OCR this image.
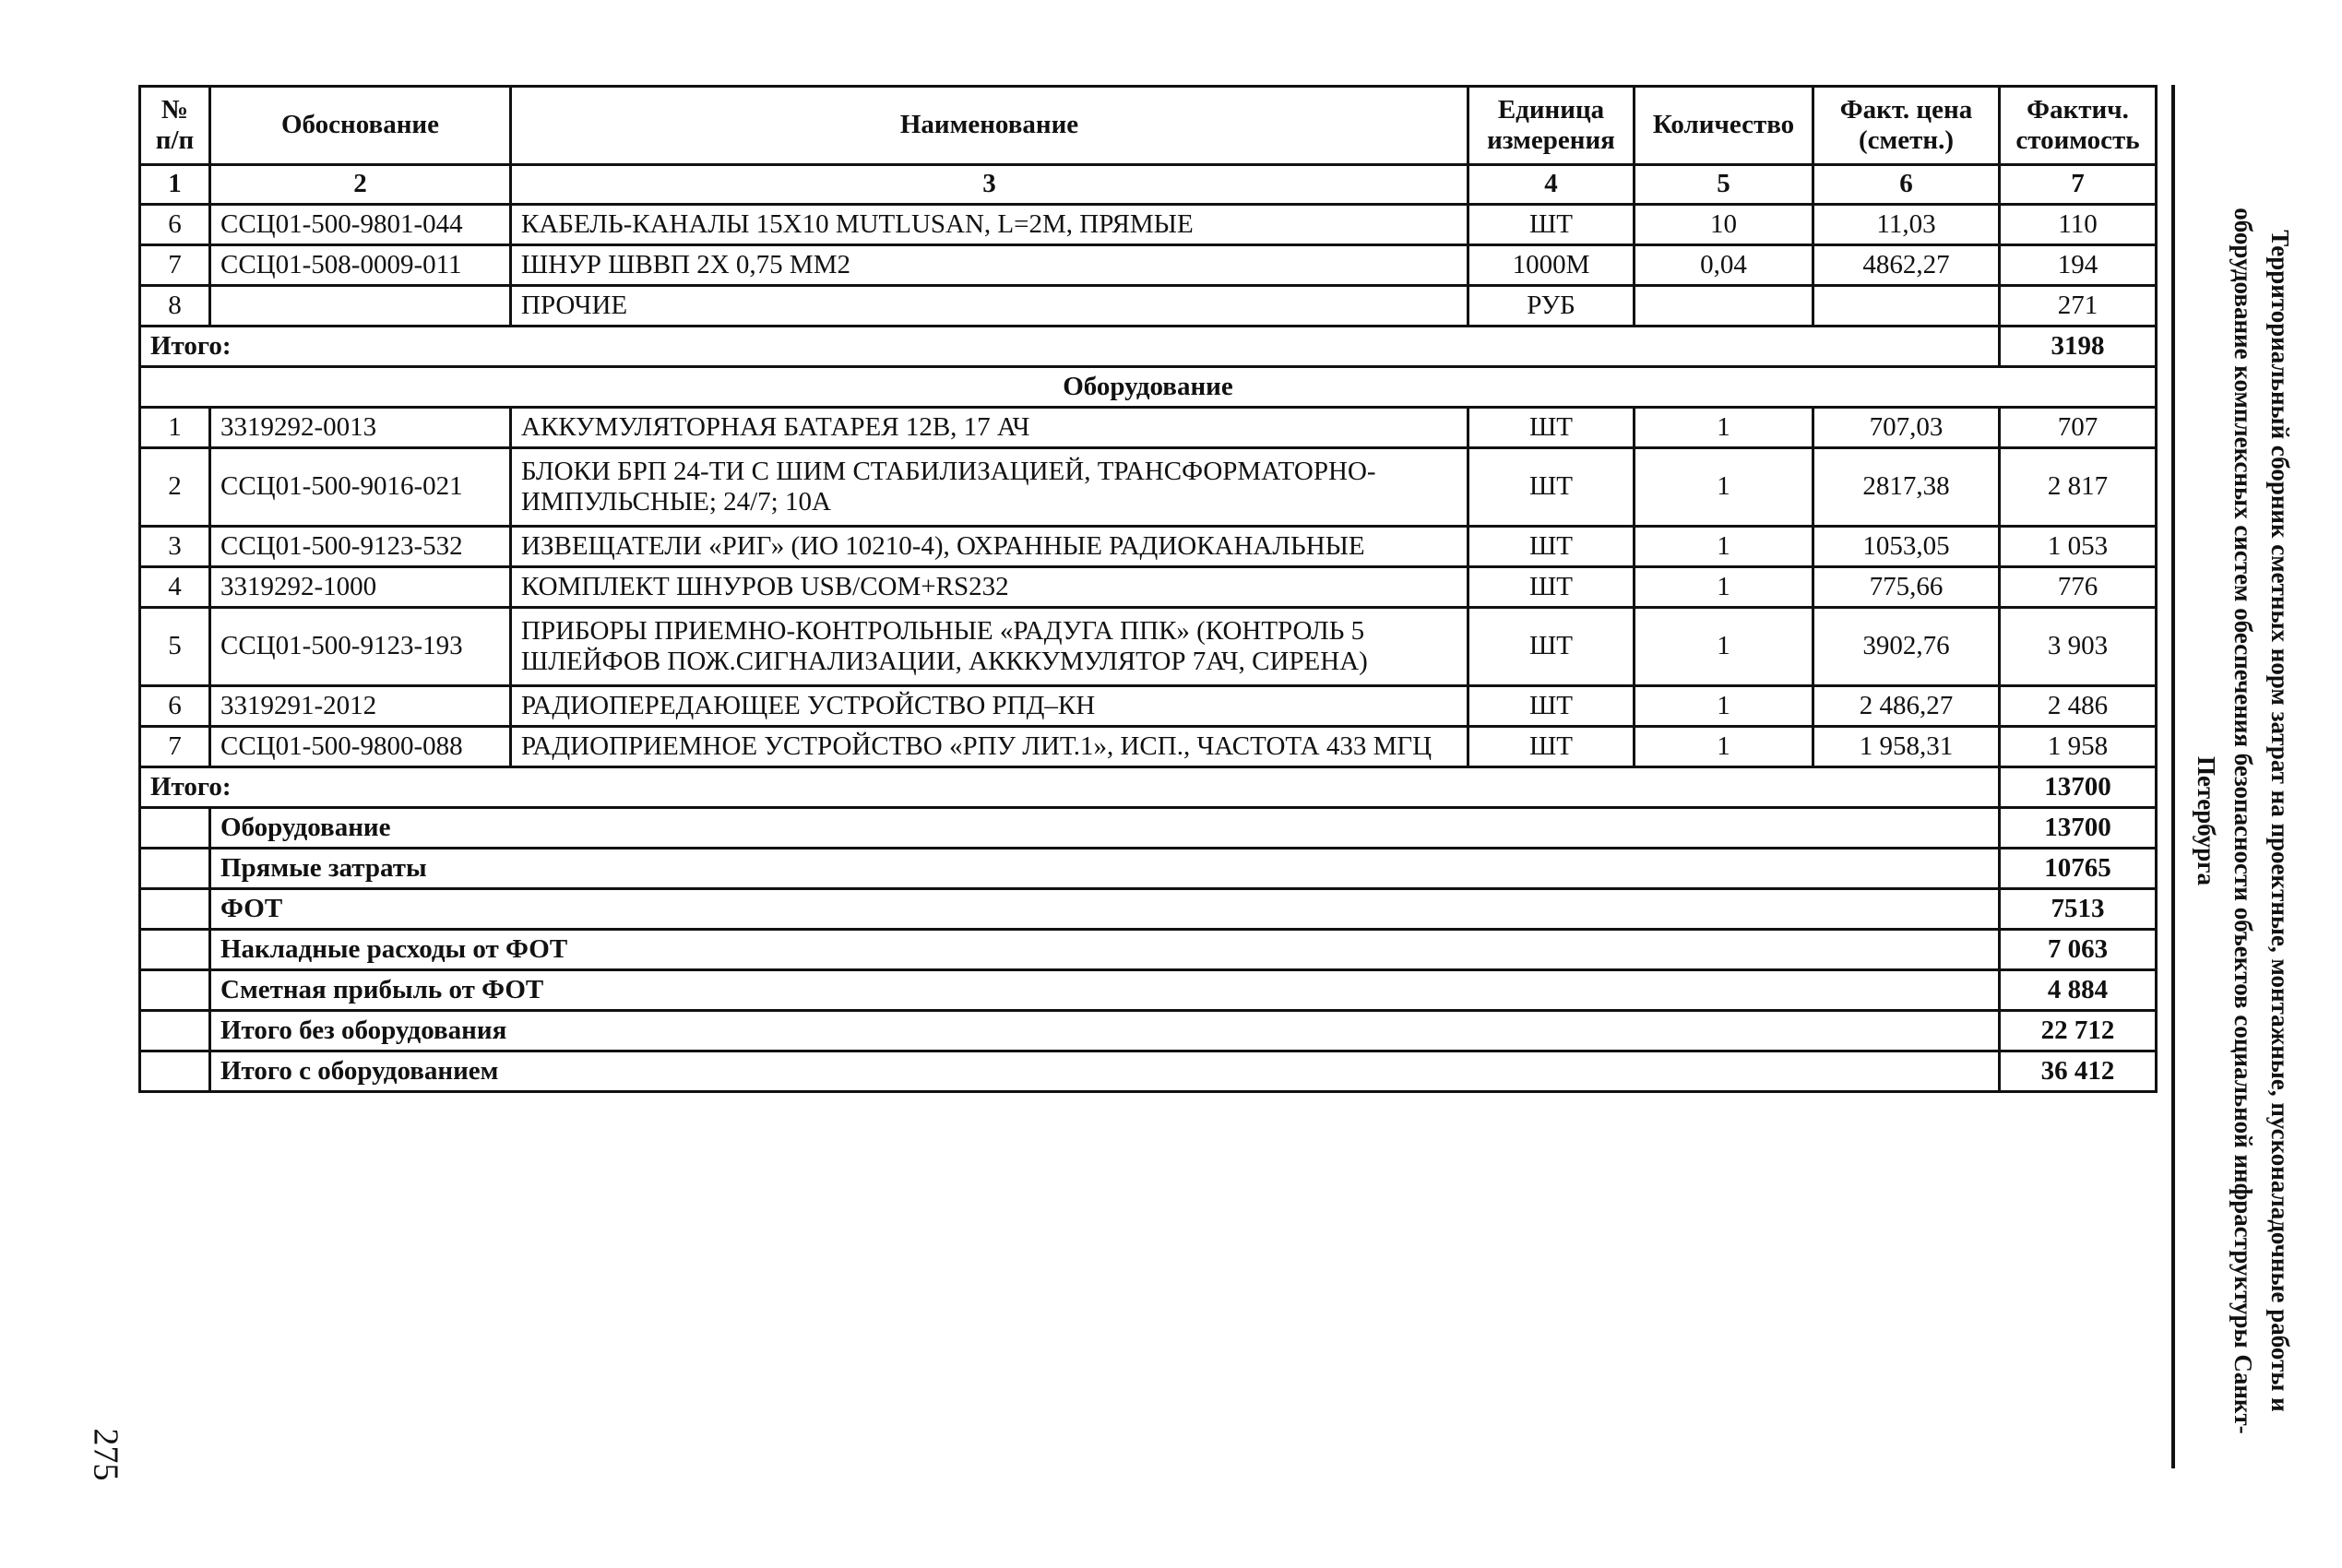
№ п/п	Обоснование	Наименование	Единица измерения	Количество	Факт. цена (сметн.)	Фактич. стоимость
1	2	3	4	5	6	7
6	ССЦ01-500-9801-044	КАБЕЛЬ-КАНАЛЫ 15Х10 MUTLUSAN, L=2M, ПРЯМЫЕ	ШТ	10	11,03	110
7	ССЦ01-508-0009-011	ШНУР ШВВП 2Х 0,75 ММ2	1000М	0,04	4862,27	194
8		ПРОЧИЕ	РУБ			271
Итого:						3198
Оборудование						
1	3319292-0013	АККУМУЛЯТОРНАЯ БАТАРЕЯ 12В, 17 АЧ	ШТ	1	707,03	707
2	ССЦ01-500-9016-021	БЛОКИ БРП 24-ТИ С ШИМ СТАБИЛИЗАЦИЕЙ, ТРАНСФОРМАТОРНО-ИМПУЛЬСНЫЕ; 24/7; 10А	ШТ	1	2817,38	2 817
3	ССЦ01-500-9123-532	ИЗВЕЩАТЕЛИ «РИГ» (ИО 10210-4), ОХРАННЫЕ РАДИОКАНАЛЬНЫЕ	ШТ	1	1053,05	1 053
4	3319292-1000	КОМПЛЕКТ ШНУРОВ USB/COM+RS232	ШТ	1	775,66	776
5	ССЦ01-500-9123-193	ПРИБОРЫ ПРИЕМНО-КОНТРОЛЬНЫЕ «РАДУГА ППК» (КОНТРОЛЬ 5 ШЛЕЙФОВ ПОЖ.СИГНАЛИЗАЦИИ, АКККУМУЛЯТОР 7АЧ, СИРЕНА)	ШТ	1	3902,76	3 903
6	3319291-2012	РАДИОПЕРЕДАЮЩЕЕ УСТРОЙСТВО РПД–КН	ШТ	1	2 486,27	2 486
7	ССЦ01-500-9800-088	РАДИОПРИЕМНОЕ УСТРОЙСТВО «РПУ ЛИТ.1», ИСП., ЧАСТОТА 433 МГЦ	ШТ	1	1 958,31	1 958
Итого:						13700
	Оборудование					13700
	Прямые затраты					10765
	ФОТ					7513
	Накладные расходы от ФОТ					7 063
	Сметная прибыль от ФОТ					4 884
	Итого без оборудования					22 712
	Итого с оборудованием					36 412	Территориальный сборник сметных норм затрат на проектные, монтажные, пусконаладочные работы и оборудование комплексных систем обеспечения безопасности объектов социальной инфраструктуры Санкт-Петербурга
275
